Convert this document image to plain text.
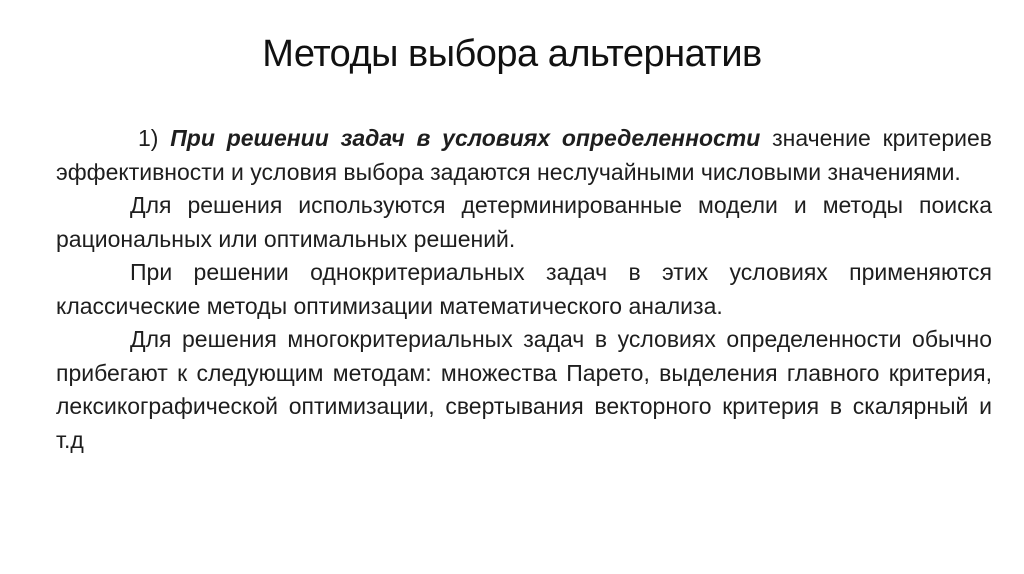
Методы выбора альтернатив

1) При решении задач в условиях определенности значение критериев эффективности и условия выбора задаются неслучайными числовыми значениями.

Для решения используются детерминированные модели и методы поиска рациональных или оптимальных решений.

При решении однокритериальных задач в этих условиях применяются классические методы оптимизации математического анализа.

Для решения многокритериальных задач в условиях определенности обычно прибегают к следующим методам: множества Парето, выделения главного критерия, лексикографической оптимизации, свертывания векторного критерия в скалярный и т.д
